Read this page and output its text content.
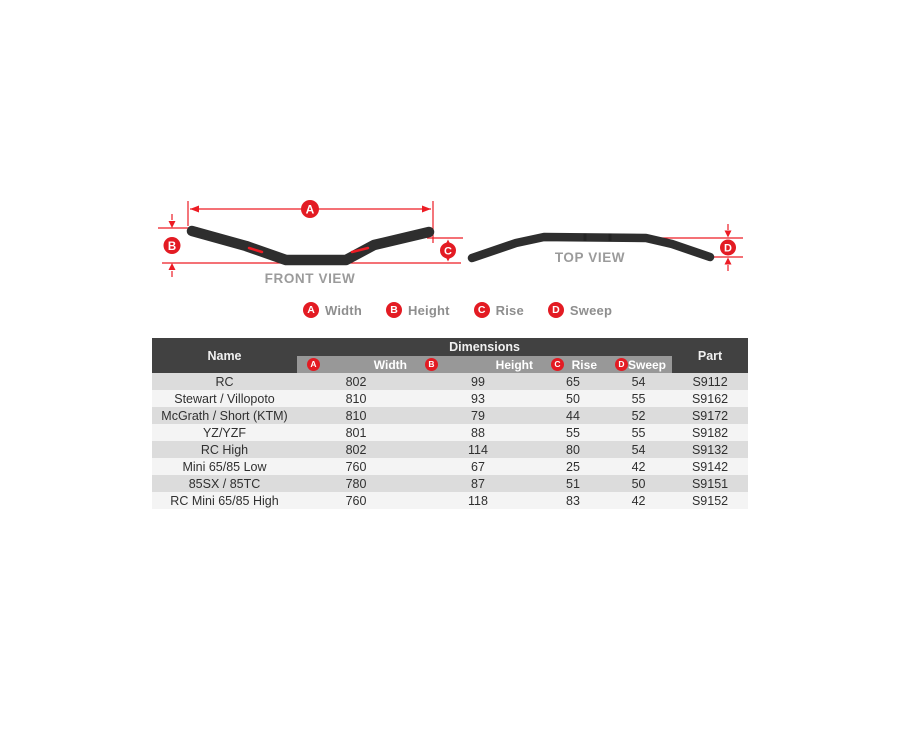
A
B	C
FRONT VIEW
D
TOP VIEW
A Width	B Height	C Rise	D Sweep
Name	Dimensions				Part

A Width	B Height	C Rise	D Sweep	

RC	802	99	65	54	S9112
Stewart / Villopoto	810	93	50	55	S9162
McGrath / Short (KTM)	810	79	44	52	S9172
YZ/YZF	801	88	55	55	S9182
RC High	802	114	80	54	S9132
Mini 65/85 Low	760	67	25	42	S9142
85SX / 85TC	780	87	51	50	S9151
RC Mini 65/85 High	760	118	83	42	S9152
